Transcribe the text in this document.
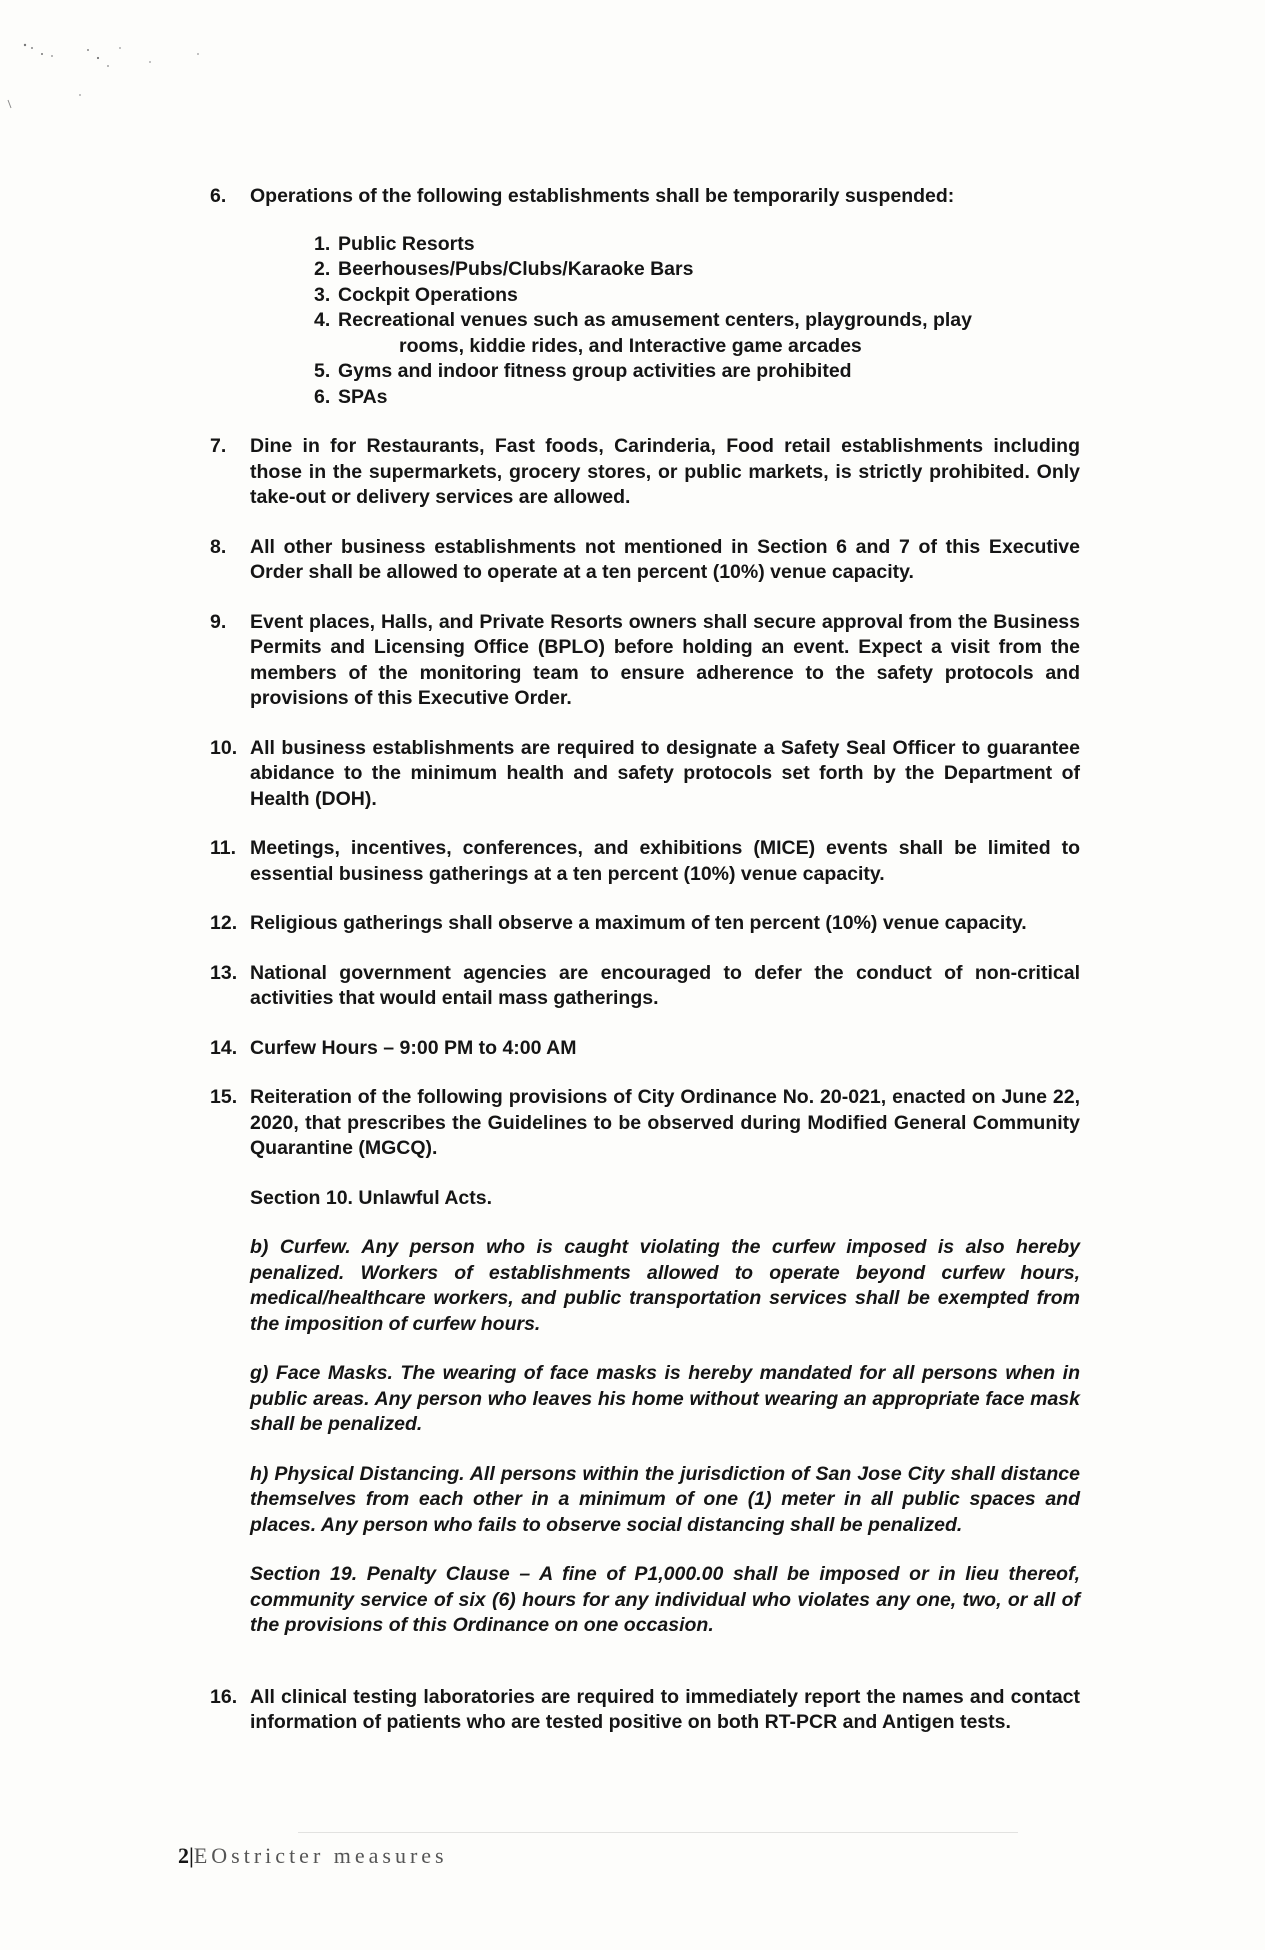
6. Operations of the following establishments shall be temporarily suspended:
1. Public Resorts
2. Beerhouses/Pubs/Clubs/Karaoke Bars
3. Cockpit Operations
4. Recreational venues such as amusement centers, playgrounds, play
rooms, kiddie rides, and Interactive game arcades
5. Gyms and indoor fitness group activities are prohibited
6. SPAs
7. Dine in for Restaurants, Fast foods, Carinderia, Food retail establishments including those in the supermarkets, grocery stores, or public markets, is strictly prohibited. Only take-out or delivery services are allowed.
8. All other business establishments not mentioned in Section 6 and 7 of this Executive Order shall be allowed to operate at a ten percent (10%) venue capacity.
9. Event places, Halls, and Private Resorts owners shall secure approval from the Business Permits and Licensing Office (BPLO) before holding an event. Expect a visit from the members of the monitoring team to ensure adherence to the safety protocols and provisions of this Executive Order.
10. All business establishments are required to designate a Safety Seal Officer to guarantee abidance to the minimum health and safety protocols set forth by the Department of Health (DOH).
11. Meetings, incentives, conferences, and exhibitions (MICE) events shall be limited to essential business gatherings at a ten percent (10%) venue capacity.
12. Religious gatherings shall observe a maximum of ten percent (10%) venue capacity.
13. National government agencies are encouraged to defer the conduct of non-critical activities that would entail mass gatherings.
14. Curfew Hours – 9:00 PM to 4:00 AM
15. Reiteration of the following provisions of City Ordinance No. 20-021, enacted on June 22, 2020, that prescribes the Guidelines to be observed during Modified General Community Quarantine (MGCQ).
Section 10. Unlawful Acts.
b) Curfew. Any person who is caught violating the curfew imposed is also hereby penalized. Workers of establishments allowed to operate beyond curfew hours, medical/healthcare workers, and public transportation services shall be exempted from the imposition of curfew hours.
g) Face Masks. The wearing of face masks is hereby mandated for all persons when in public areas. Any person who leaves his home without wearing an appropriate face mask shall be penalized.
h) Physical Distancing. All persons within the jurisdiction of San Jose City shall distance themselves from each other in a minimum of one (1) meter in all public spaces and places. Any person who fails to observe social distancing shall be penalized.
Section 19. Penalty Clause – A fine of P1,000.00 shall be imposed or in lieu thereof, community service of six (6) hours for any individual who violates any one, two, or all of the provisions of this Ordinance on one occasion.
16. All clinical testing laboratories are required to immediately report the names and contact information of patients who are tested positive on both RT-PCR and Antigen tests.
2|EOstricter measures
